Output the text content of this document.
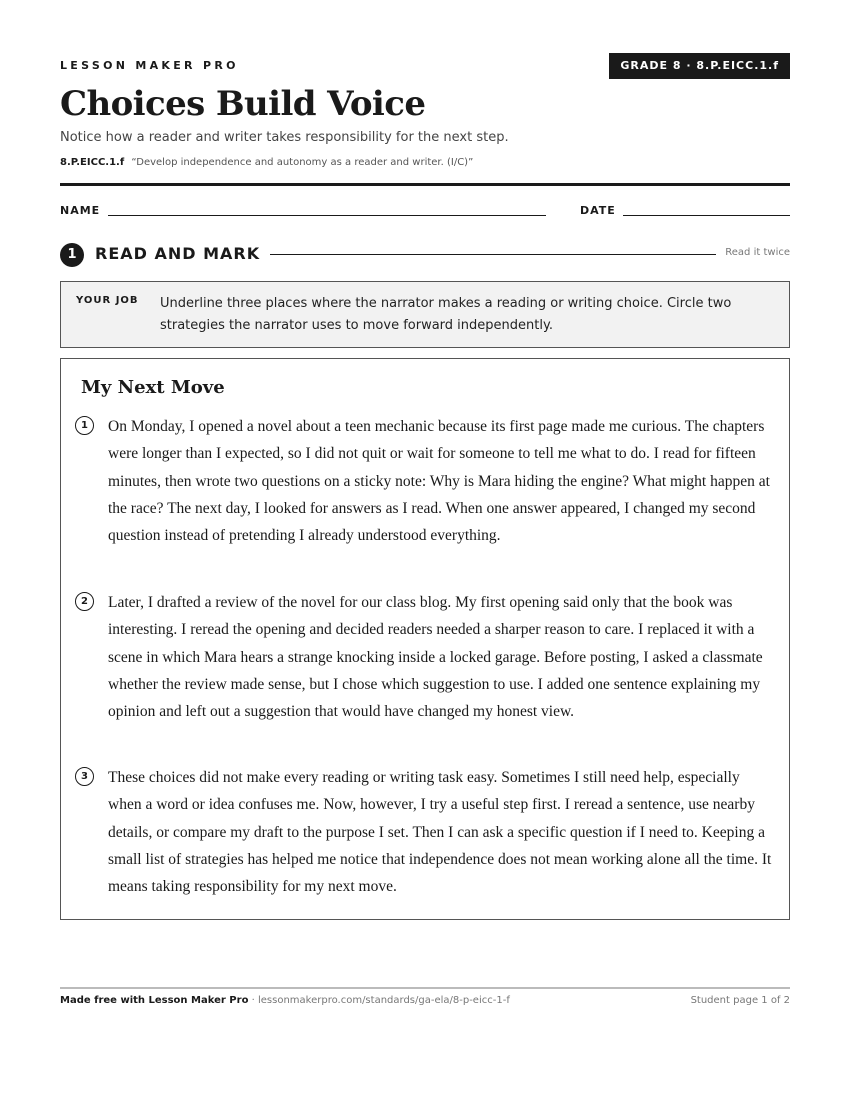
LESSON MAKER PRO	GRADE 8 · 8.P.EICC.1.f
Choices Build Voice
Notice how a reader and writer takes responsibility for the next step.
8.P.EICC.1.f “Develop independence and autonomy as a reader and writer. (I/C)”
NAME	DATE
1	READ AND MARK	Read it twice
YOUR JOB Underline three places where the narrator makes a reading or writing choice. Circle two strategies the narrator uses to move forward independently.
My Next Move
1	On Monday, I opened a novel about a teen mechanic because its first page made me curious. The chapters were longer than I expected, so I did not quit or wait for someone to tell me what to do. I read for fifteen minutes, then wrote two questions on a sticky note: Why is Mara hiding the engine? What might happen at the race? The next day, I looked for answers as I read. When one answer appeared, I changed my second question instead of pretending I already understood everything.
2	Later, I drafted a review of the novel for our class blog. My first opening said only that the book was interesting. I reread the opening and decided readers needed a sharper reason to care. I replaced it with a scene in which Mara hears a strange knocking inside a locked garage. Before posting, I asked a classmate whether the review made sense, but I chose which suggestion to use. I added one sentence explaining my opinion and left out a suggestion that would have changed my honest view.
3	These choices did not make every reading or writing task easy. Sometimes I still need help, especially when a word or idea confuses me. Now, however, I try a useful step first. I reread a sentence, use nearby details, or compare my draft to the purpose I set. Then I can ask a specific question if I need to. Keeping a small list of strategies has helped me notice that independence does not mean working alone all the time. It means taking responsibility for my next move.
Made free with Lesson Maker Pro · lessonmakerpro.com/standards/ga-ela/8-p-eicc-1-f	Student page 1 of 2
